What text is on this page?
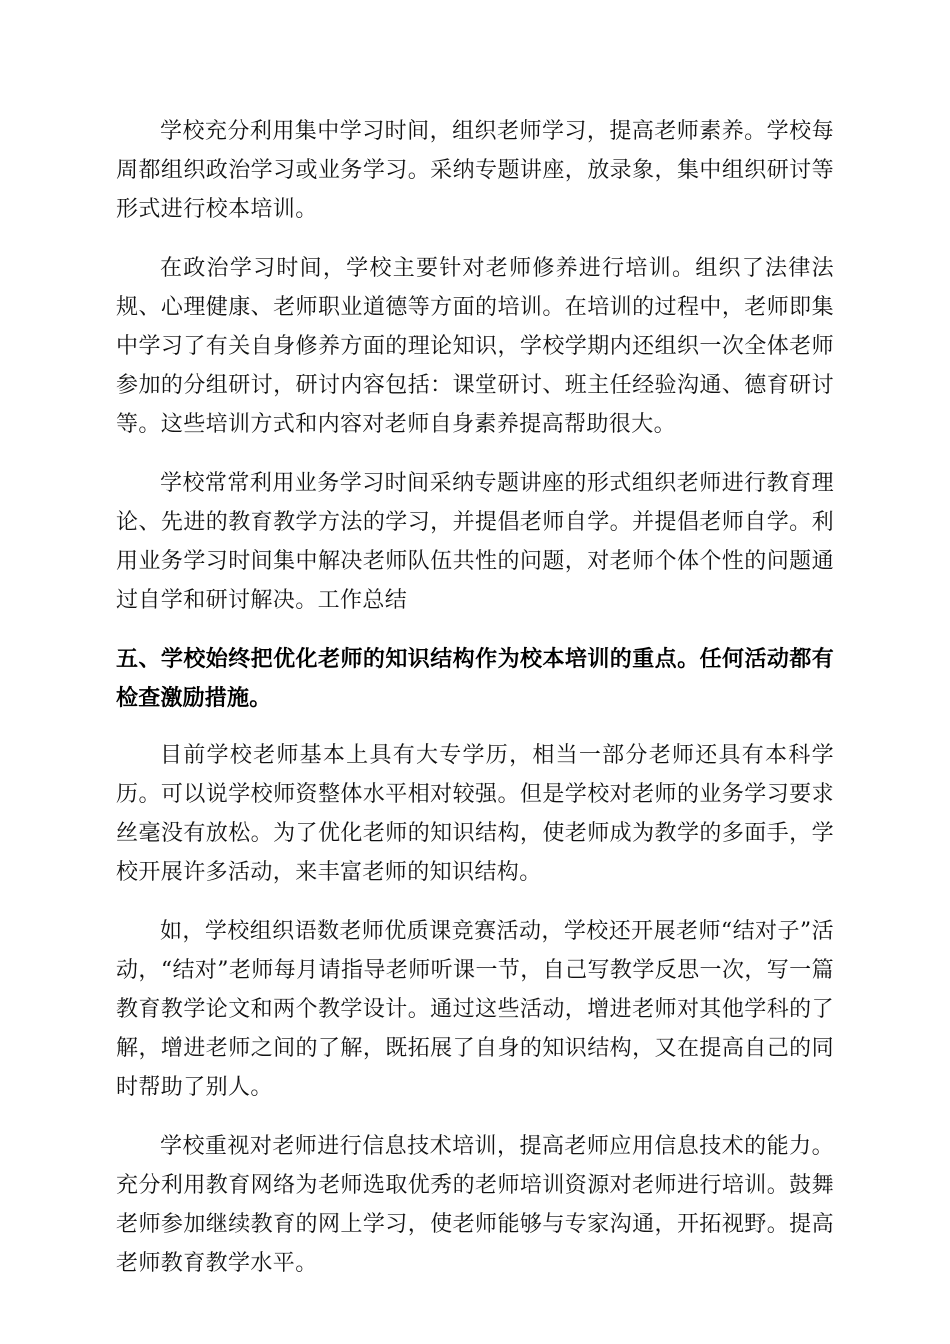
学校充分利用集中学习时间，组织老师学习，提高老师素养。学校每周都组织政治学习或业务学习。采纳专题讲座，放录象，集中组织研讨等形式进行校本培训。

在政治学习时间，学校主要针对老师修养进行培训。组织了法律法规、心理健康、老师职业道德等方面的培训。在培训的过程中，老师即集中学习了有关自身修养方面的理论知识，学校学期内还组织一次全体老师参加的分组研讨，研讨内容包括：课堂研讨、班主任经验沟通、德育研讨等。这些培训方式和内容对老师自身素养提高帮助很大。

学校常常利用业务学习时间采纳专题讲座的形式组织老师进行教育理论、先进的教育教学方法的学习，并提倡老师自学。并提倡老师自学。利用业务学习时间集中解决老师队伍共性的问题，对老师个体个性的问题通过自学和研讨解决。工作总结

五、学校始终把优化老师的知识结构作为校本培训的重点。任何活动都有检查激励措施。

目前学校老师基本上具有大专学历，相当一部分老师还具有本科学历。可以说学校师资整体水平相对较强。但是学校对老师的业务学习要求丝毫没有放松。为了优化老师的知识结构，使老师成为教学的多面手，学校开展许多活动，来丰富老师的知识结构。

如，学校组织语数老师优质课竞赛活动，学校还开展老师“结对子”活动，“结对”老师每月请指导老师听课一节，自己写教学反思一次，写一篇教育教学论文和两个教学设计。通过这些活动，增进老师对其他学科的了解，增进老师之间的了解，既拓展了自身的知识结构，又在提高自己的同时帮助了别人。

学校重视对老师进行信息技术培训，提高老师应用信息技术的能力。充分利用教育网络为老师选取优秀的老师培训资源对老师进行培训。鼓舞老师参加继续教育的网上学习，使老师能够与专家沟通，开拓视野。提高老师教育教学水平。
